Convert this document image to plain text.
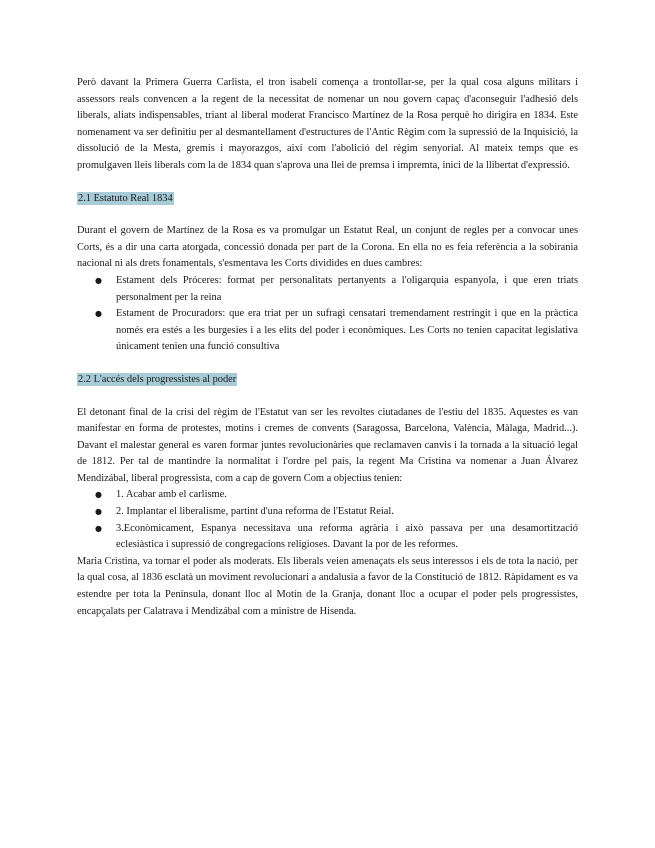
Però davant la Primera Guerra Carlista, el tron isabelí comença a trontollar-se, per la qual cosa alguns militars i assessors reals convencen a la regent de la necessitat de nomenar un nou govern capaç d'aconseguir l'adhesió dels liberals, aliats indispensables, triant al liberal moderat Francisco Martínez de la Rosa perquè ho dirigira en 1834. Este nomenament va ser definitiu per al desmantellament d'estructures de l'Antic Règim com la supressió de la Inquisició, la dissolució de la Mesta, gremis i mayorazgos, així com l'abolició del règim senyorial. Al mateix temps que es promulgaven lleis liberals com la de 1834 quan s'aprova una llei de premsa i impremta, inici de la llibertat d'expressió.

2.1 Estatuto Real 1834

Durant el govern de Martínez de la Rosa es va promulgar un Estatut Real, un conjunt de regles per a convocar unes Corts, és a dir una carta atorgada, concessió donada per part de la Corona. En ella no es feia referència a la sobirania nacional ni als drets fonamentals, s'esmentava les Corts dividides en dues cambres:

● Estament dels Próceres: format per personalitats pertanyents a l'oligarquia espanyola, i que eren triats personalment per la reina
● Estament de Procuradors: que era triat per un sufragi censatari tremendament restringit i que en la pràctica només era estés a les burgesies i a les elits del poder i econòmiques. Les Corts no tenien capacitat legislativa únicament tenien una funció consultiva
2.2 L'accés dels progressistes al poder

El detonant final de la crisi del règim de l'Estatut van ser les revoltes ciutadanes de l'estiu del 1835. Aquestes es van manifestar en forma de protestes, motins i cremes de convents (Saragossa, Barcelona, València, Màlaga, Madrid...). Davant el malestar general es varen formar juntes revolucionàries que reclamaven canvis i la tornada a la situació legal de 1812. Per tal de mantindre la normalitat i l'ordre pel país, la regent Ma Cristina va nomenar a Juan Álvarez Mendizábal, liberal progressista, com a cap de govern Com a objectius tenien:

● 1. Acabar amb el carlisme.
● 2. Implantar el liberalisme, partint d'una reforma de l'Estatut Reial.
● 3.Econòmicament, Espanya necessitava una reforma agrària i això passava per una desamortització eclesiàstica i supressió de congregacions religioses. Davant la por de les reformes.

Maria Cristina, va tornar el poder als moderats. Els liberals veien amenaçats els seus interessos i els de tota la nació, per la qual cosa, al 1836 esclatà un moviment revolucionari a andalusia a favor de la Constitució de 1812. Ràpidament es va estendre per tota la Península, donant lloc al Motín de la Granja, donant lloc a ocupar el poder pels progressistes, encapçalats per Calatrava i Mendizábal com a ministre de Hisenda.
